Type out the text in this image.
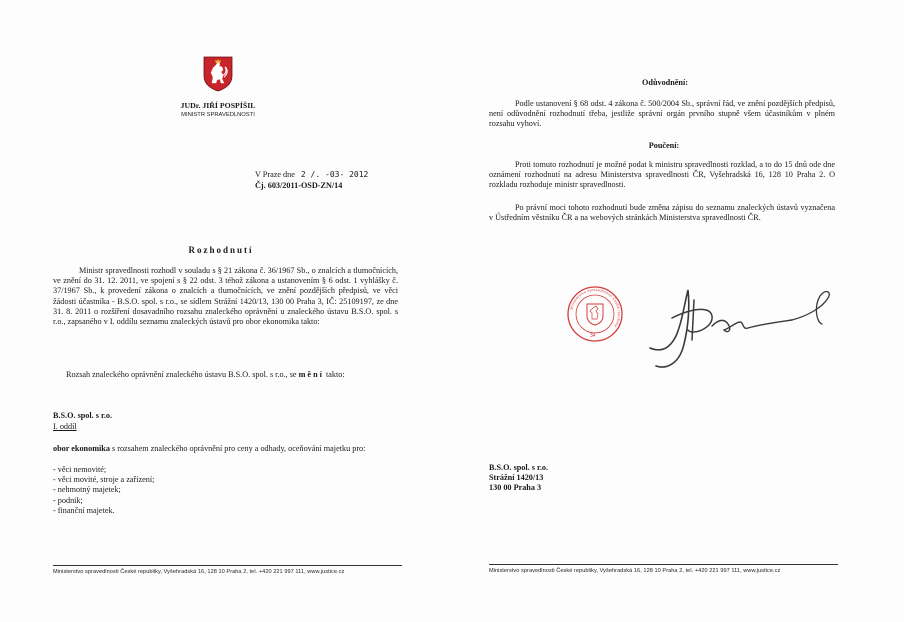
JUDr. JIŘÍ POSPÍŠIL
MINISTR SPRAVEDLNOSTI
V Praze dne 2 /. -03- 2012
Čj. 603/2011-OSD-ZN/14
Rozhodnutí
Ministr spravedlnosti rozhodl v souladu s § 21 zákona č. 36/1967 Sb., o znalcích a tlumočnících, ve znění do 31. 12. 2011, ve spojení s § 22 odst. 3 téhož zákona a ustanovením § 6 odst. 1 vyhlášky č. 37/1967 Sb., k provedení zákona o znalcích a tlumočnících, ve znění pozdějších předpisů, ve věci žádosti účastníka - B.S.O. spol. s r.o., se sídlem Strážní 1420/13, 130 00 Praha 3, IČ: 25109197, ze dne 31. 8. 2011 o rozšíření dosavadního rozsahu znaleckého oprávnění u znaleckého ústavu B.S.O. spol. s r.o., zapsaného v I. oddílu seznamu znaleckých ústavů pro obor ekonomika takto:
Rozsah znaleckého oprávnění znaleckého ústavu B.S.O. spol. s r.o., se mění takto:
B.S.O. spol. s r.o.
I. oddíl
obor ekonomika s rozsahem znaleckého oprávnění pro ceny a odhady, oceňování majetku pro:
- věci nemovité;
- věci movité, stroje a zařízení;
- nehmotný majetek;
- podnik;
- finanční majetek.
Ministerstvo spravedlnosti České republiky, Vyšehradská 16, 128 10 Praha 2, tel. +420 221 997 111, www.justice.cz
Odůvodnění:
Podle ustanovení § 68 odst. 4 zákona č. 500/2004 Sb., správní řád, ve znění pozdějších předpisů, není odůvodnění rozhodnutí třeba, jestliže správní orgán prvního stupně všem účastníkům v plném rozsahu vyhoví.
Poučení:
Proti tomuto rozhodnutí je možné podat k ministru spravedlnosti rozklad, a to do 15 dnů ode dne oznámení rozhodnutí na adresu Ministerstva spravedlnosti ČR, Vyšehradská 16, 128 10 Praha 2. O rozkladu rozhoduje ministr spravedlnosti.
Po právní moci tohoto rozhodnutí bude změna zápisu do seznamu znaleckých ústavů vyznačena v Ústředním věstníku ČR a na webových stránkách Ministerstva spravedlnosti ČR.
34
Ministerstvo spravedlnosti České republiky
B.S.O. spol. s r.o.
Strážní 1420/13
130 00 Praha 3
Ministerstvo spravedlnosti České republiky, Vyšehradská 16, 128 10 Praha 2, tel. +420 221 997 111, www.justice.cz
